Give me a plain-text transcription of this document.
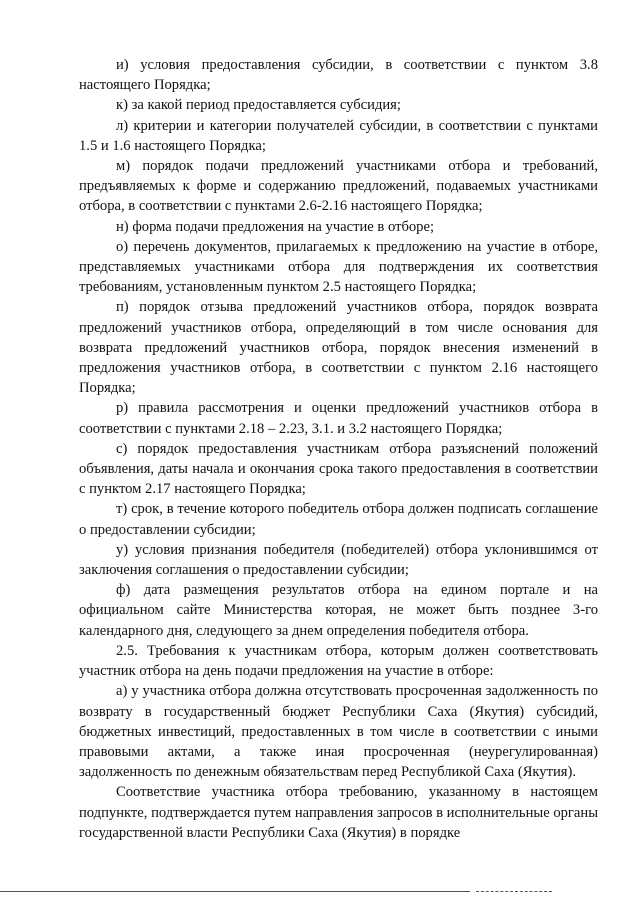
и) условия предоставления субсидии, в соответствии с пунктом 3.8 настоящего Порядка;

к) за какой период предоставляется субсидия;

л) критерии и категории получателей субсидии, в соответствии с пунктами 1.5 и 1.6 настоящего Порядка;

м) порядок подачи предложений участниками отбора и требований, предъявляемых к форме и содержанию предложений, подаваемых участниками отбора, в соответствии с пунктами 2.6-2.16 настоящего Порядка;

н) форма подачи предложения на участие в отборе;

о) перечень документов, прилагаемых к предложению на участие в отборе, представляемых участниками отбора для подтверждения их соответствия требованиям, установленным пунктом 2.5 настоящего Порядка;

п) порядок отзыва предложений участников отбора, порядок возврата предложений участников отбора, определяющий в том числе основания для возврата предложений участников отбора, порядок внесения изменений в предложения участников отбора, в соответствии с пунктом 2.16 настоящего Порядка;

р) правила рассмотрения и оценки предложений участников отбора в соответствии с пунктами 2.18 – 2.23, 3.1. и 3.2 настоящего Порядка;

с) порядок предоставления участникам отбора разъяснений положений объявления, даты начала и окончания срока такого предоставления в соответствии с пунктом 2.17 настоящего Порядка;

т) срок, в течение которого победитель отбора должен подписать соглашение о предоставлении субсидии;

у) условия признания победителя (победителей) отбора уклонившимся от заключения соглашения о предоставлении субсидии;

ф) дата размещения результатов отбора на едином портале и на официальном сайте Министерства которая, не может быть позднее 3-го календарного дня, следующего за днем определения победителя отбора.

2.5. Требования к участникам отбора, которым должен соответствовать участник отбора на день подачи предложения на участие в отборе:

а) у участника отбора должна отсутствовать просроченная задолженность по возврату в государственный бюджет Республики Саха (Якутия) субсидий, бюджетных инвестиций, предоставленных в том числе в соответствии с иными правовыми актами, а также иная просроченная (неурегулированная) задолженность по денежным обязательствам перед Республикой Саха (Якутия).

Соответствие участника отбора требованию, указанному в настоящем подпункте, подтверждается путем направления запросов в исполнительные органы государственной власти Республики Саха (Якутия) в порядке
